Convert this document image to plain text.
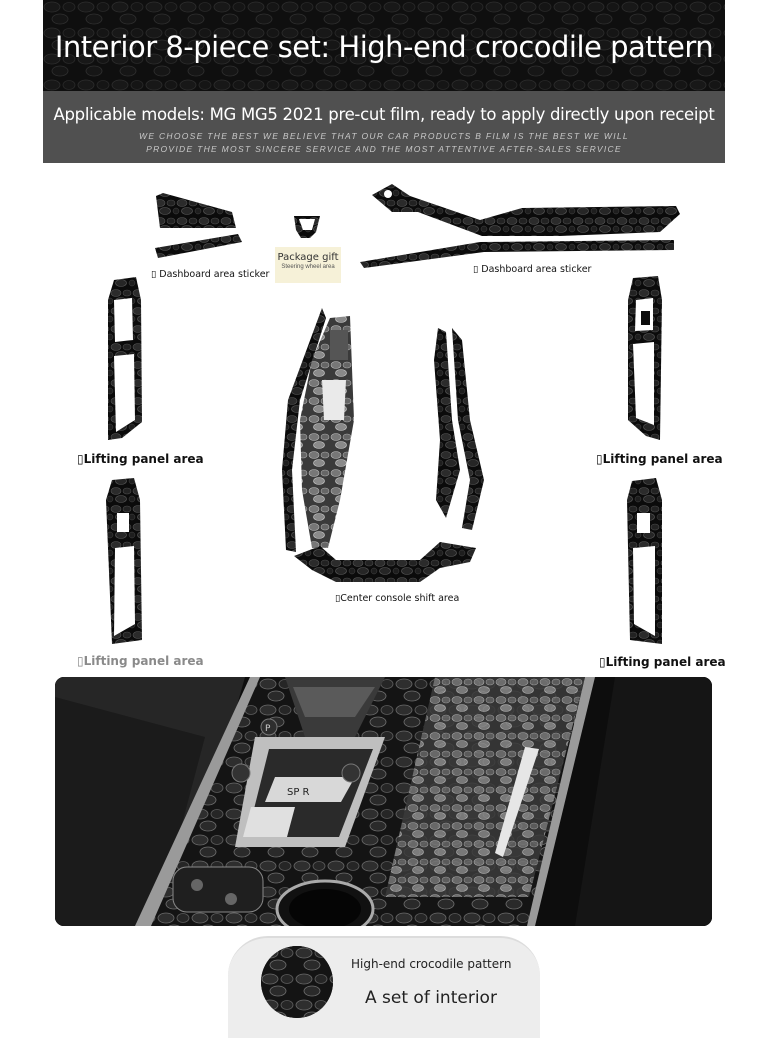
Interior 8-piece set: High-end crocodile pattern
Applicable models: MG MG5 2021 pre-cut film, ready to apply directly upon receipt
WE CHOOSE THE BEST WE BELIEVE THAT OUR CAR PRODUCTS B FILM IS THE BEST WE WILL
PROVIDE THE MOST SINCERE SERVICE AND THE MOST ATTENTIVE AFTER-SALES SERVICE
▯ Dashboard area sticker	▯ Dashboard area sticker
Package gift
Steering wheel area
▯Lifting panel area	▯Lifting panel area
▯Lifting panel area	▯Lifting panel area
▯Center console shift area
SP R
P
High-end crocodile pattern
A set of interior
